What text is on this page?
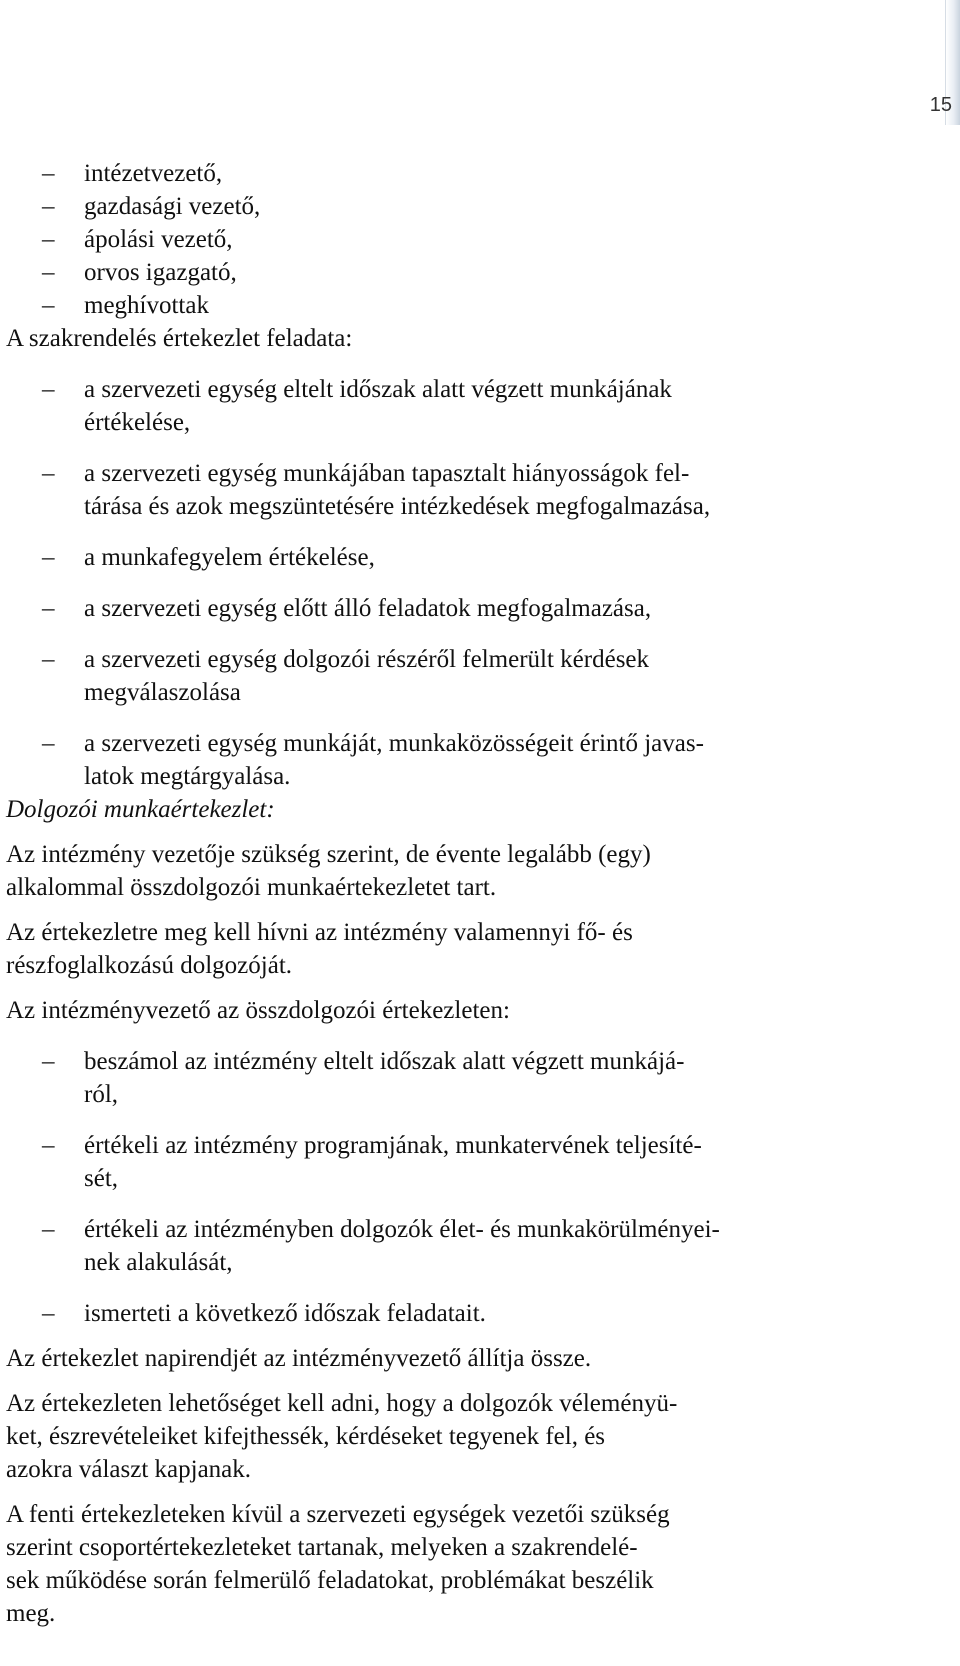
15
– intézetvezető,
– gazdasági vezető,
– ápolási vezető,
– orvos igazgató,
– meghívottak
A szakrendelés értekezlet feladata:
– a szervezeti egység eltelt időszak alatt végzett munkájának
értékelése,
– a szervezeti egység munkájában tapasztalt hiányosságok fel-
tárása és azok megszüntetésére intézkedések megfogalmazása,
– a munkafegyelem értékelése,
– a szervezeti egység előtt álló feladatok megfogalmazása,
– a szervezeti egység dolgozói részéről felmerült kérdések
megválaszolása
– a szervezeti egység munkáját, munkaközösségeit érintő javas-
latok megtárgyalása.
Dolgozói munkaértekezlet:
Az intézmény vezetője szükség szerint, de évente legalább (egy)
alkalommal összdolgozói munkaértekezletet tart.
Az értekezletre meg kell hívni az intézmény valamennyi fő- és
részfoglalkozású dolgozóját.
Az intézményvezető az összdolgozói értekezleten:
– beszámol az intézmény eltelt időszak alatt végzett munkájá-
ról,
– értékeli az intézmény programjának, munkatervének teljesíté-
sét,
– értékeli az intézményben dolgozók élet- és munkakörülményei-
nek alakulását,
– ismerteti a következő időszak feladatait.
Az értekezlet napirendjét az intézményvezető állítja össze.
Az értekezleten lehetőséget kell adni, hogy a dolgozók véleményü-
ket, észrevételeiket kifejthessék, kérdéseket tegyenek fel, és
azokra választ kapjanak.
A fenti értekezleteken kívül a szervezeti egységek vezetői szükség
szerint csoportértekezleteket tartanak, melyeken a szakrendelé-
sek működése során felmerülő feladatokat, problémákat beszélik
meg.
